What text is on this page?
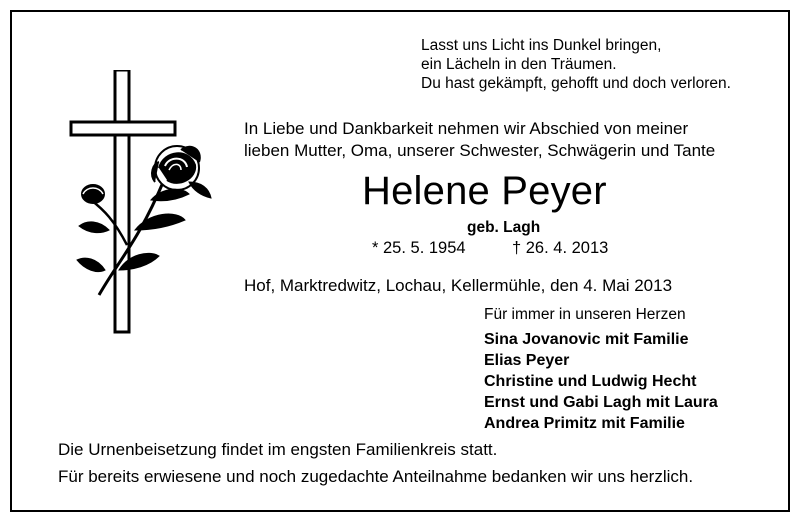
Lasst uns Licht ins Dunkel bringen,
ein Lächeln in den Träumen.
Du hast gekämpft, gehofft und doch verloren.
In Liebe und Dankbarkeit nehmen wir Abschied von meiner
lieben Mutter, Oma, unserer Schwester, Schwägerin und Tante
Helene Peyer
geb. Lagh
* 25. 5. 1954	† 26. 4. 2013
Hof, Marktredwitz, Lochau, Kellermühle, den 4. Mai 2013
Für immer in unseren Herzen
Sina Jovanovic mit Familie
Elias Peyer
Christine und Ludwig Hecht
Ernst und Gabi Lagh mit Laura
Andrea Primitz mit Familie
Die Urnenbeisetzung findet im engsten Familienkreis statt.
Für bereits erwiesene und noch zugedachte Anteilnahme bedanken wir uns herzlich.
